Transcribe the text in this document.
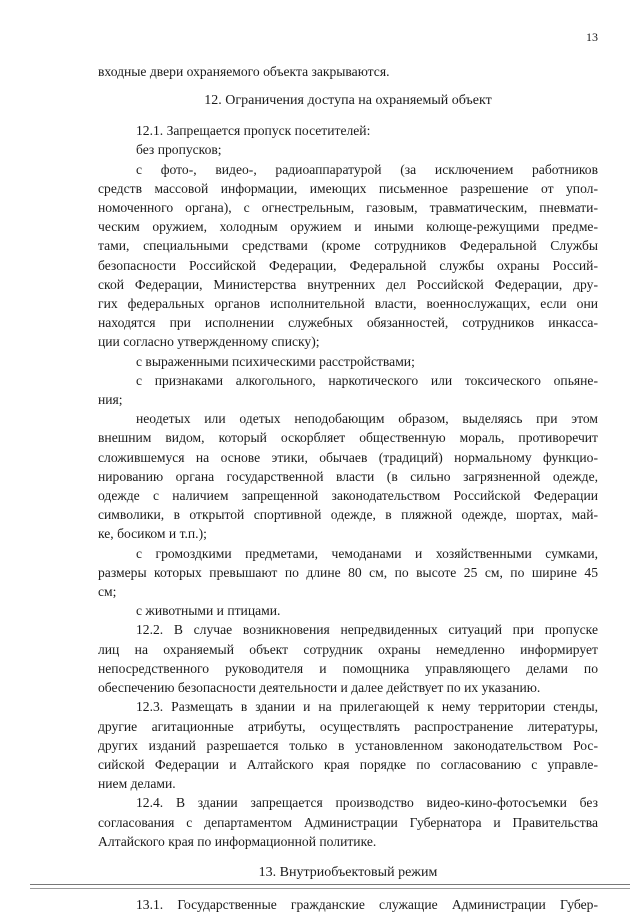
13
входные двери охраняемого объекта закрываются.
12. Ограничения доступа на охраняемый объект
12.1. Запрещается пропуск посетителей:
без пропусков;
с фото-, видео-, радиоаппаратурой (за исключением работников
средств массовой информации, имеющих письменное разрешение от упол-
номоченного органа), с огнестрельным, газовым, травматическим, пневмати-
ческим оружием, холодным оружием и иными колюще-режущими предме-
тами, специальными средствами (кроме сотрудников Федеральной Службы
безопасности Российской Федерации, Федеральной службы охраны Россий-
ской Федерации, Министерства внутренних дел Российской Федерации, дру-
гих федеральных органов исполнительной власти, военнослужащих, если они
находятся при исполнении служебных обязанностей, сотрудников инкасса-
ции согласно утвержденному списку);
с выраженными психическими расстройствами;
с признаками алкогольного, наркотического или токсического опьяне-
ния;
неодетых или одетых неподобающим образом, выделяясь при этом
внешним видом, который оскорбляет общественную мораль, противоречит
сложившемуся на основе этики, обычаев (традиций) нормальному функцио-
нированию органа государственной власти (в сильно загрязненной одежде,
одежде с наличием запрещенной законодательством Российской Федерации
символики, в открытой спортивной одежде, в пляжной одежде, шортах, май-
ке, босиком и т.п.);
с громоздкими предметами, чемоданами и хозяйственными сумками,
размеры которых превышают по длине 80 см, по высоте 25 см, по ширине 45
см;
с животными и птицами.
12.2. В случае возникновения непредвиденных ситуаций при пропуске
лиц на охраняемый объект сотрудник охраны немедленно информирует
непосредственного руководителя и помощника управляющего делами по
обеспечению безопасности деятельности и далее действует по их указанию.
12.3. Размещать в здании и на прилегающей к нему территории стенды,
другие агитационные атрибуты, осуществлять распространение литературы,
других изданий разрешается только в установленном законодательством Рос-
сийской Федерации и Алтайского края порядке по согласованию с управле-
нием делами.
12.4. В здании запрещается производство видео-кино-фотосъемки без
согласования с департаментом Администрации Губернатора и Правительства
Алтайского края по информационной политике.
13. Внутриобъектовый режим
13.1. Государственные гражданские служащие Администрации Губер-
